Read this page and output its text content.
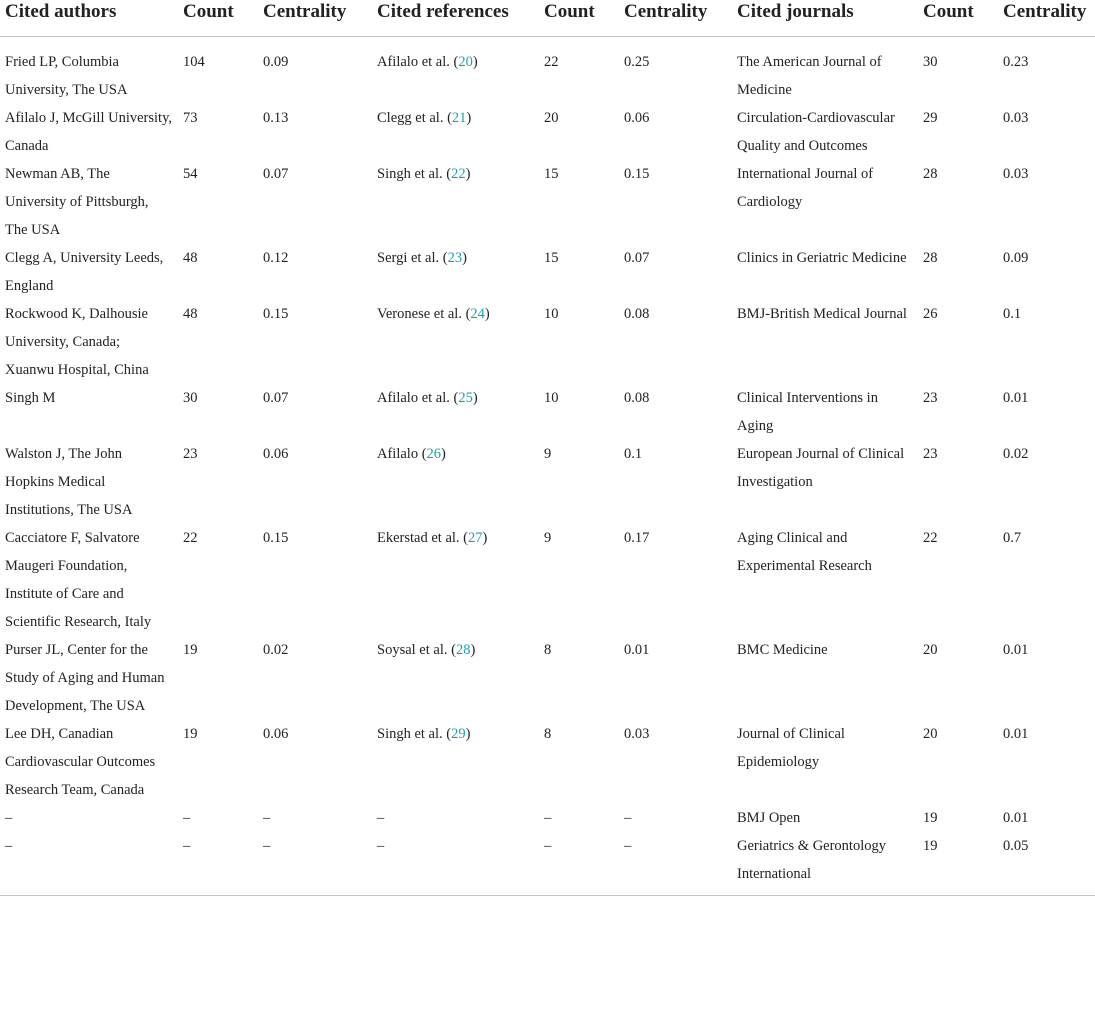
Cited authors	Count	Centrality	Cited references	Count	Centrality	Cited journals	Count	Centrality
Fried LP, Columbia University, The USA	104	0.09	Afilalo et al. (20)	22	0.25	The American Journal of Medicine	30	0.23
Afilalo J, McGill University, Canada	73	0.13	Clegg et al. (21)	20	0.06	Circulation-Cardiovascular Quality and Outcomes	29	0.03
Newman AB, The University of Pittsburgh, The USA	54	0.07	Singh et al. (22)	15	0.15	International Journal of Cardiology	28	0.03
Clegg A, University Leeds, England	48	0.12	Sergi et al. (23)	15	0.07	Clinics in Geriatric Medicine	28	0.09
Rockwood K, Dalhousie University, Canada; Xuanwu Hospital, China	48	0.15	Veronese et al. (24)	10	0.08	BMJ-British Medical Journal	26	0.1
Singh M	30	0.07	Afilalo et al. (25)	10	0.08	Clinical Interventions in Aging	23	0.01
Walston J, The John Hopkins Medical Institutions, The USA	23	0.06	Afilalo (26)	9	0.1	European Journal of Clinical Investigation	23	0.02
Cacciatore F, Salvatore Maugeri Foundation, Institute of Care and Scientific Research, Italy	22	0.15	Ekerstad et al. (27)	9	0.17	Aging Clinical and Experimental Research	22	0.7
Purser JL, Center for the Study of Aging and Human Development, The USA	19	0.02	Soysal et al. (28)	8	0.01	BMC Medicine	20	0.01
Lee DH, Canadian Cardiovascular Outcomes Research Team, Canada	19	0.06	Singh et al. (29)	8	0.03	Journal of Clinical Epidemiology	20	0.01
–	–	–	–	–	–	BMJ Open	19	0.01
–	–	–	–	–	–	Geriatrics & Gerontology International	19	0.05
